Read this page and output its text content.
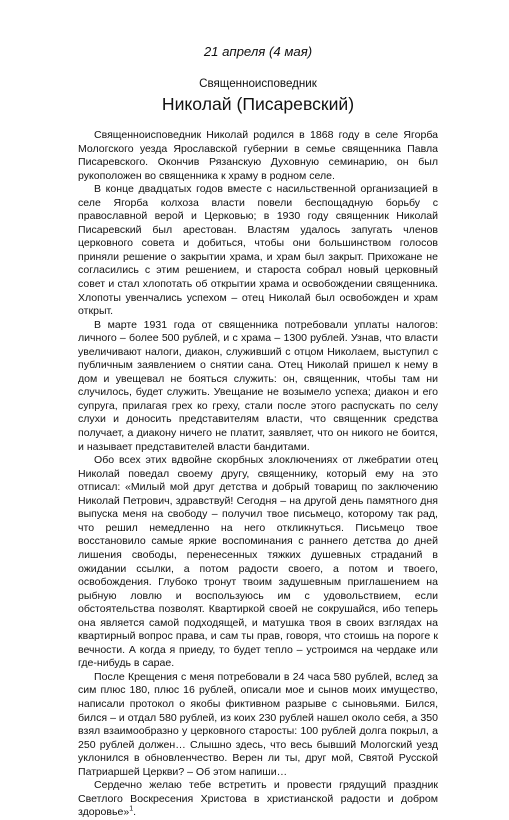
21 апреля (4 мая)
Священноисповедник
Николай (Писаревский)

Священноисповедник Николай родился в 1868 году в селе Ягорба Мологского уезда Ярославской губернии в семье священника Павла Писаревского. Окончив Рязанскую Духовную семинарию, он был рукоположен во священника к храму в родном селе.

В конце двадцатых годов вместе с насильственной организацией в селе Ягорба колхоза власти повели беспощадную борьбу с православной верой и Церковью; в 1930 году священник Николай Писаревский был арестован. Властям удалось запугать членов церковного совета и добиться, чтобы они большинством голосов приняли решение о закрытии храма, и храм был закрыт. Прихожане не согласились с этим решением, и староста собрал новый церковный совет и стал хлопотать об открытии храма и освобождении священника. Хлопоты увенчались успехом – отец Николай был освобожден и храм открыт.

В марте 1931 года от священника потребовали уплаты налогов: личного – более 500 рублей, и с храма – 1300 рублей. Узнав, что власти увеличивают налоги, диакон, служивший с отцом Николаем, выступил с публичным заявлением о снятии сана. Отец Николай пришел к нему в дом и увещевал не бояться служить: он, священник, чтобы там ни случилось, будет служить. Увещание не возымело успеха; диакон и его супруга, прилагая грех ко греху, стали после этого распускать по селу слухи и доносить представителям власти, что священник средства получает, а диакону ничего не платит, заявляет, что он никого не боится, и называет представителей власти бандитами.

Обо всех этих вдвойне скорбных злоключениях от лжебратии отец Николай поведал своему другу, священнику, который ему на это отписал: «Милый мой друг детства и добрый товарищ по заключению Николай Петрович, здравствуй! Сегодня – на другой день памятного дня выпуска меня на свободу – получил твое письмецо, которому так рад, что решил немедленно на него откликнуться. Письмецо твое восстановило самые яркие воспоминания с раннего детства до дней лишения свободы, перенесенных тяжких душевных страданий в ожидании ссылки, а потом радости своего, а потом и твоего, освобождения. Глубоко тронут твоим задушевным приглашением на рыбную ловлю и воспользуюсь им с удовольствием, если обстоятельства позволят. Квартиркой своей не сокрушайся, ибо теперь она является самой подходящей, и матушка твоя в своих взглядах на квартирный вопрос права, и сам ты прав, говоря, что стоишь на пороге к вечности. А когда я приеду, то будет тепло – устроимся на чердаке или где-нибудь в сарае.

После Крещения с меня потребовали в 24 часа 580 рублей, вслед за сим плюс 180, плюс 16 рублей, описали мое и сынов моих имущество, написали протокол о якобы фиктивном разрыве с сыновьями. Бился, бился – и отдал 580 рублей, из коих 230 рублей нашел около себя, а 350 взял взаимообразно у церковного старосты: 100 рублей долга покрыл, а 250 рублей должен… Слышно здесь, что весь бывший Мологский уезд уклонился в обновленчество. Верен ли ты, друг мой, Святой Русской Патриаршей Церкви? – Об этом напиши…

Сердечно желаю тебе встретить и провести грядущий праздник Светлого Воскресения Христова в христианской радости и добром здоровье»$^1$.
